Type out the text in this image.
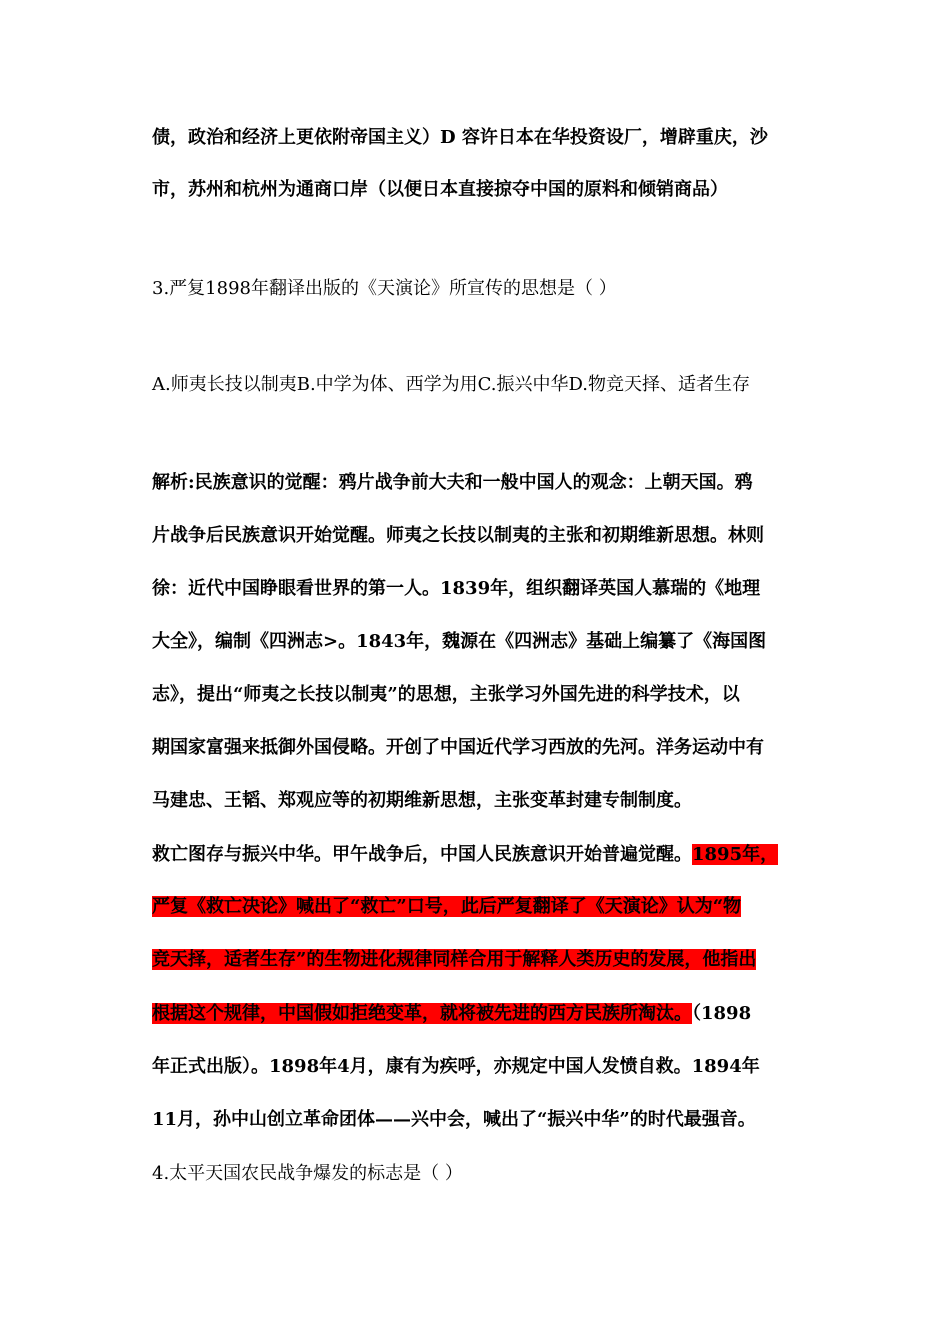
债，政治和经济上更依附帝国主义）D 容许日本在华投资设厂，增辟重庆，沙
市，苏州和杭州为通商口岸（以便日本直接掠夺中国的原料和倾销商品）
3.严复1898年翻译出版的《天演论》所宣传的思想是（ ）
A.师夷长技以制夷B.中学为体、西学为用C.振兴中华D.物竞天择、适者生存
解析:民族意识的觉醒：鸦片战争前大夫和一般中国人的观念：上朝天国。鸦
片战争后民族意识开始觉醒。师夷之长技以制夷的主张和初期维新思想。林则
徐：近代中国睁眼看世界的第一人。1839年，组织翻译英国人慕瑞的《地理
大全》，编制《四洲志>。1843年，魏源在《四洲志》基础上编纂了《海国图
志》，提出“师夷之长技以制夷”的思想，主张学习外国先进的科学技术，以
期国家富强来抵御外国侵略。开创了中国近代学习西放的先河。洋务运动中有
马建忠、王韬、郑观应等的初期维新思想，主张变革封建专制制度。
救亡图存与振兴中华。甲午战争后，中国人民族意识开始普遍觉醒。1895年，
严复《救亡决论》喊出了“救亡”口号，此后严复翻译了《天演论》认为“物
竞天择，适者生存”的生物进化规律同样合用于解释人类历史的发展，他指出
根据这个规律，中国假如拒绝变革，就将被先进的西方民族所淘汰。（1898
年正式出版）。1898年4月，康有为疾呼，亦规定中国人发愤自救。1894年
11月，孙中山创立革命团体——兴中会，喊出了“振兴中华”的时代最强音。
4.太平天国农民战争爆发的标志是（ ）
